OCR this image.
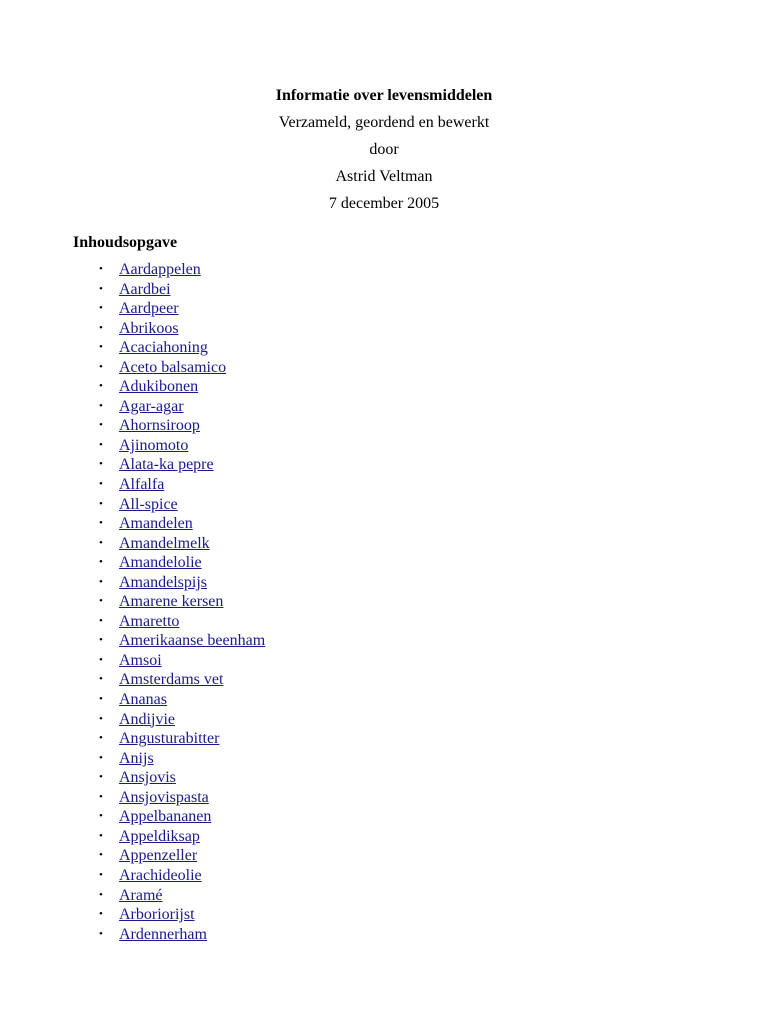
Informatie over levensmiddelen
Verzameld, geordend en bewerkt
door
Astrid Veltman
7 december 2005
Inhoudsopgave
• Aardappelen
• Aardbei
• Aardpeer
• Abrikoos
• Acaciahoning
• Aceto balsamico
• Adukibonen
• Agar-agar
• Ahornsiroop
• Ajinomoto
• Alata-ka pepre
• Alfalfa
• All-spice
• Amandelen
• Amandelmelk
• Amandelolie
• Amandelspijs
• Amarene kersen
• Amaretto
• Amerikaanse beenham
• Amsoi
• Amsterdams vet
• Ananas
• Andijvie
• Angusturabitter
• Anijs
• Ansjovis
• Ansjovispasta
• Appelbananen
• Appeldiksap
• Appenzeller
• Arachideolie
• Aramé
• Arboriorijst
• Ardennerham
